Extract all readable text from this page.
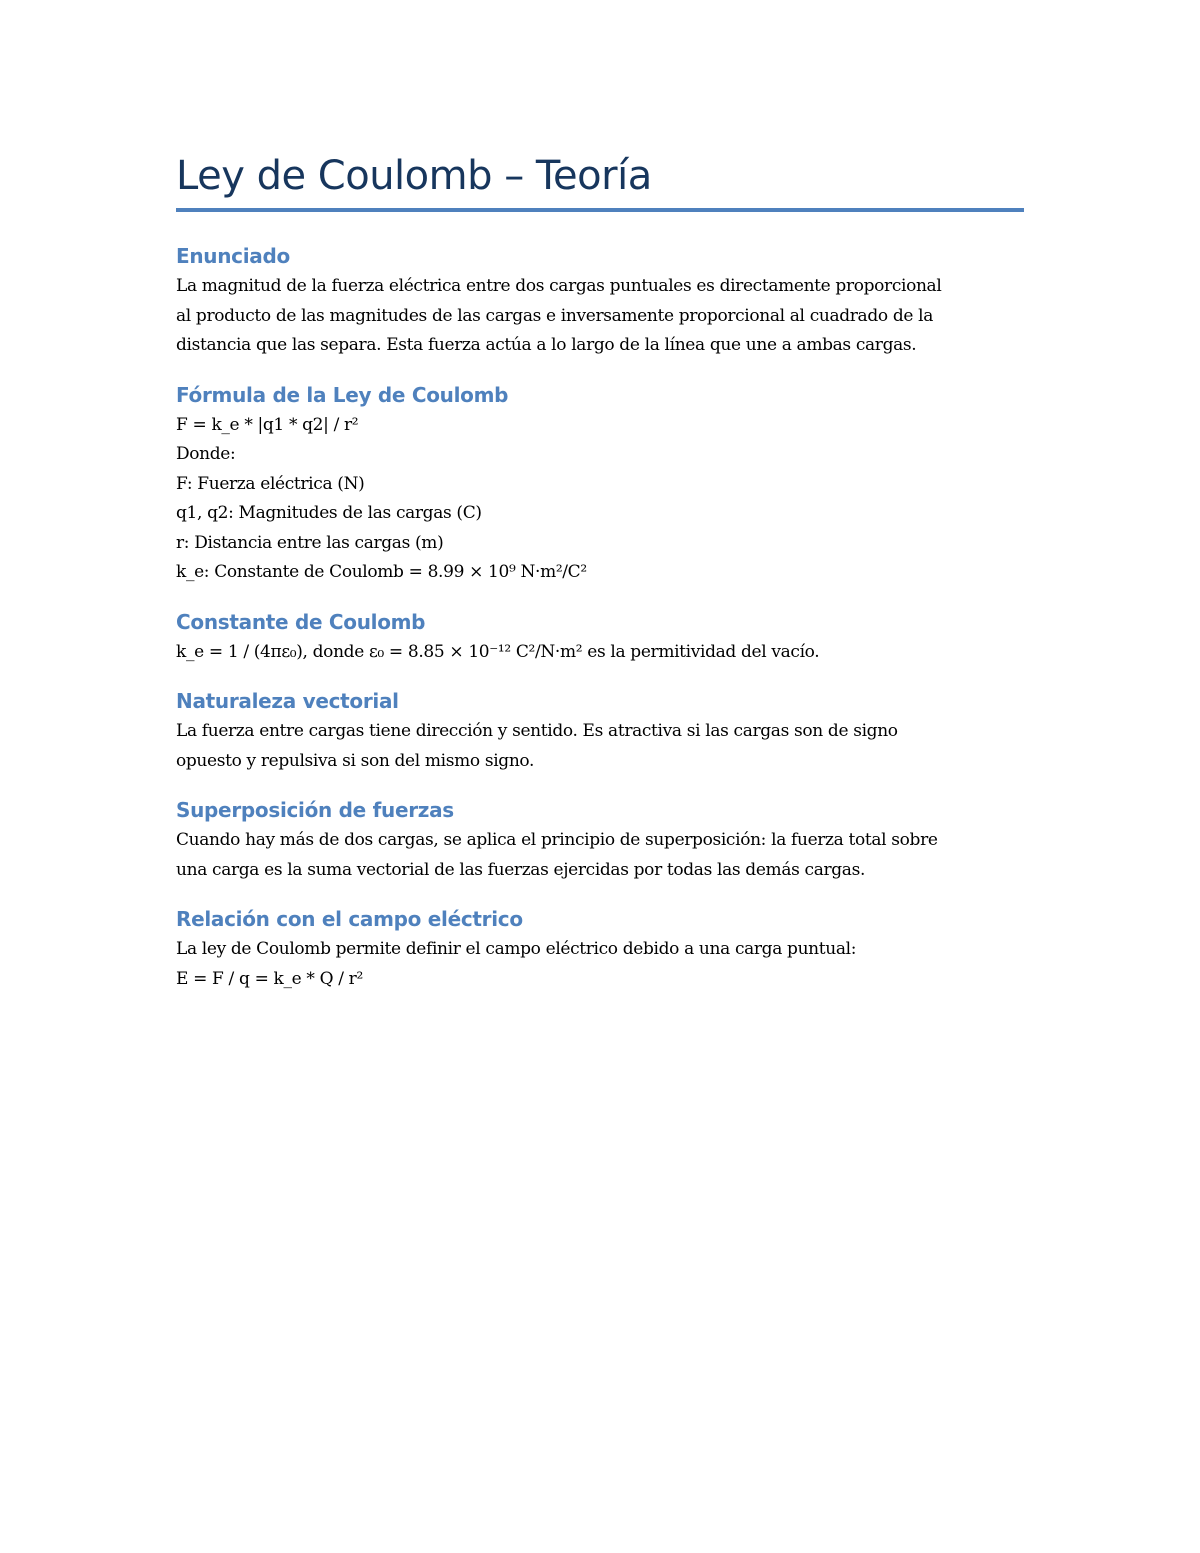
Ley de Coulomb – Teoría
Enunciado

La magnitud de la fuerza eléctrica entre dos cargas puntuales es directamente proporcional
al producto de las magnitudes de las cargas e inversamente proporcional al cuadrado de la
distancia que las separa. Esta fuerza actúa a lo largo de la línea que une a ambas cargas.

Fórmula de la Ley de Coulomb

F = k_e * |q1 * q2| / r²
Donde:
F: Fuerza eléctrica (N)
q1, q2: Magnitudes de las cargas (C)
r: Distancia entre las cargas (m)
k_e: Constante de Coulomb = 8.99 × 10⁹ N·m²/C²

Constante de Coulomb

k_e = 1 / (4πε₀), donde ε₀ = 8.85 × 10⁻¹² C²/N·m² es la permitividad del vacío.

Naturaleza vectorial

La fuerza entre cargas tiene dirección y sentido. Es atractiva si las cargas son de signo
opuesto y repulsiva si son del mismo signo.

Superposición de fuerzas

Cuando hay más de dos cargas, se aplica el principio de superposición: la fuerza total sobre
una carga es la suma vectorial de las fuerzas ejercidas por todas las demás cargas.

Relación con el campo eléctrico

La ley de Coulomb permite definir el campo eléctrico debido a una carga puntual:
E = F / q = k_e * Q / r²
